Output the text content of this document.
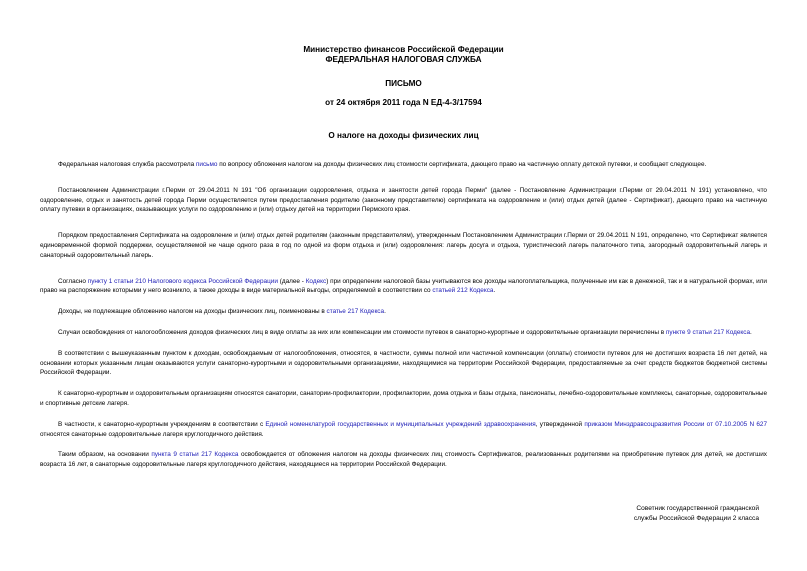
Министерство финансов Российской Федерации
ФЕДЕРАЛЬНАЯ НАЛОГОВАЯ СЛУЖБА
ПИСЬМО
от 24 октября 2011 года N ЕД-4-3/17594
О налоге на доходы физических лиц

Федеральная налоговая служба рассмотрела письмо по вопросу обложения налогом на доходы физических лиц стоимости сертификата, дающего право на частичную оплату детской путевки, и сообщает следующее.

Постановлением Администрации г.Перми от 29.04.2011 N 191 "Об организации оздоровления, отдыха и занятости детей города Перми" (далее - Постановление Администрации г.Перми от 29.04.2011 N 191) установлено, что оздоровление, отдых и занятость детей города Перми осуществляется путем предоставления родителю (законному представителю) сертификата на оздоровление и (или) отдых детей (далее - Сертификат), дающего право на частичную оплату путевки в организациях, оказывающих услуги по оздоровлению и (или) отдыху детей на территории Пермского края.

Порядком предоставления Сертификата на оздоровление и (или) отдых детей родителям (законным представителям), утвержденным Постановлением Администрации г.Перми от 29.04.2011 N 191, определено, что Сертификат является единовременной формой поддержки, осуществляемой не чаще одного раза в год по одной из форм отдыха и (или) оздоровления: лагерь досуга и отдыха, туристический лагерь палаточного типа, загородный оздоровительный лагерь и санаторный оздоровительный лагерь.

Согласно пункту 1 статьи 210 Налогового кодекса Российской Федерации (далее - Кодекс) при определении налоговой базы учитываются все доходы налогоплательщика, полученные им как в денежной, так и в натуральной формах, или право на распоряжение которыми у него возникло, а также доходы в виде материальной выгоды, определяемой в соответствии со статьей 212 Кодекса.

Доходы, не подлежащие обложению налогом на доходы физических лиц, поименованы в статье 217 Кодекса.

Случаи освобождения от налогообложения доходов физических лиц в виде оплаты за них или компенсации им стоимости путевок в санаторно-курортные и оздоровительные организации перечислены в пункте 9 статьи 217 Кодекса.

В соответствии с вышеуказанным пунктом к доходам, освобождаемым от налогообложения, относятся, в частности, суммы полной или частичной компенсации (оплаты) стоимости путевок для не достигших возраста 16 лет детей, на основании которых указанным лицам оказываются услуги санаторно-курортными и оздоровительными организациями, находящимися на территории Российской Федерации, предоставляемые за счет средств бюджетов бюджетной системы Российской Федерации.

К санаторно-курортным и оздоровительным организациям относятся санатории, санатории-профилактории, профилактории, дома отдыха и базы отдыха, пансионаты, лечебно-оздоровительные комплексы, санаторные, оздоровительные и спортивные детские лагеря.

В частности, к санаторно-курортным учреждениям в соответствии с Единой номенклатурой государственных и муниципальных учреждений здравоохранения, утвержденной приказом Минздравсоцразвития России от 07.10.2005 N 627 относятся санаторные оздоровительные лагеря круглогодичного действия.

Таким образом, на основании пункта 9 статьи 217 Кодекса освобождается от обложения налогом на доходы физических лиц стоимость Сертификатов, реализованных родителями на приобретение путевок для детей, не достигших возраста 16 лет, в санаторные оздоровительные лагеря круглогодичного действия, находящиеся на территории Российской Федерации.

Советник государственной гражданской
службы Российской Федерации 2 класса
